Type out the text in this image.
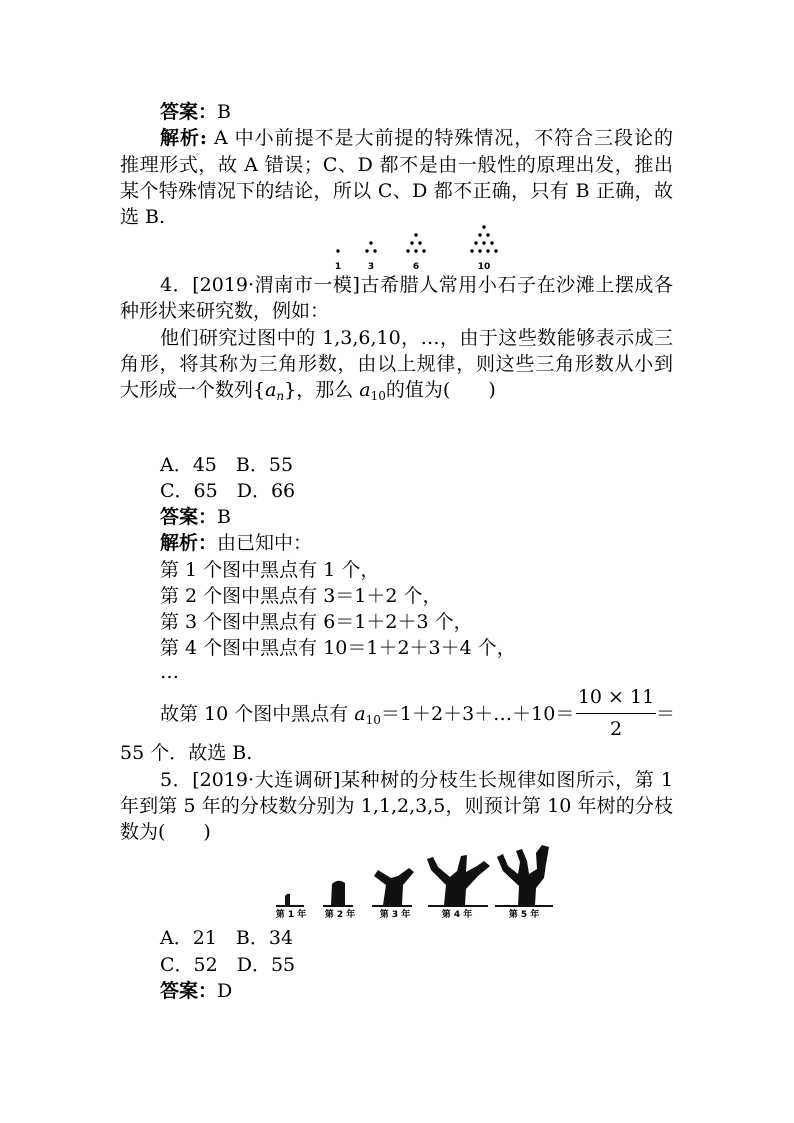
答案：B
解析: A 中小前提不是大前提的特殊情况，不符合三段论的
推理形式，故 A 错误；C、D 都不是由一般性的原理出发，推出
某个特殊情况下的结论，所以 C、D 都不正确，只有 B 正确，故
选 B.
1	3	6	10
4．[2019·渭南市一模]古希腊人常用小石子在沙滩上摆成各
种形状来研究数，例如：
他们研究过图中的 1,3,6,10，…，由于这些数能够表示成三
角形，将其称为三角形数，由以上规律，则这些三角形数从小到
大形成一个数列$\{a_n\}$，那么 $a_{10}$的值为(　　)
A．45　B．55
C．65　D．66
答案：B
解析：由已知中：
第 1 个图中黑点有 1 个，
第 2 个图中黑点有 3＝1＋2 个，
第 3 个图中黑点有 6＝1＋2＋3 个，
第 4 个图中黑点有 10＝1＋2＋3＋4 个，
…
故第 10 个图中黑点有 $a_{10}=1+2+3+\dots+10=$
10 × 11
2
＝
55 个．故选 B.
5．[2019·大连调研]某种树的分枝生长规律如图所示，第 1
年到第 5 年的分枝数分别为 1,1,2,3,5，则预计第 10 年树的分枝
数为(　　)
第 1 年 第 2 年	第 3 年	第 4 年	第 5 年
A．21　B．34
C．52　D．55
答案：D
